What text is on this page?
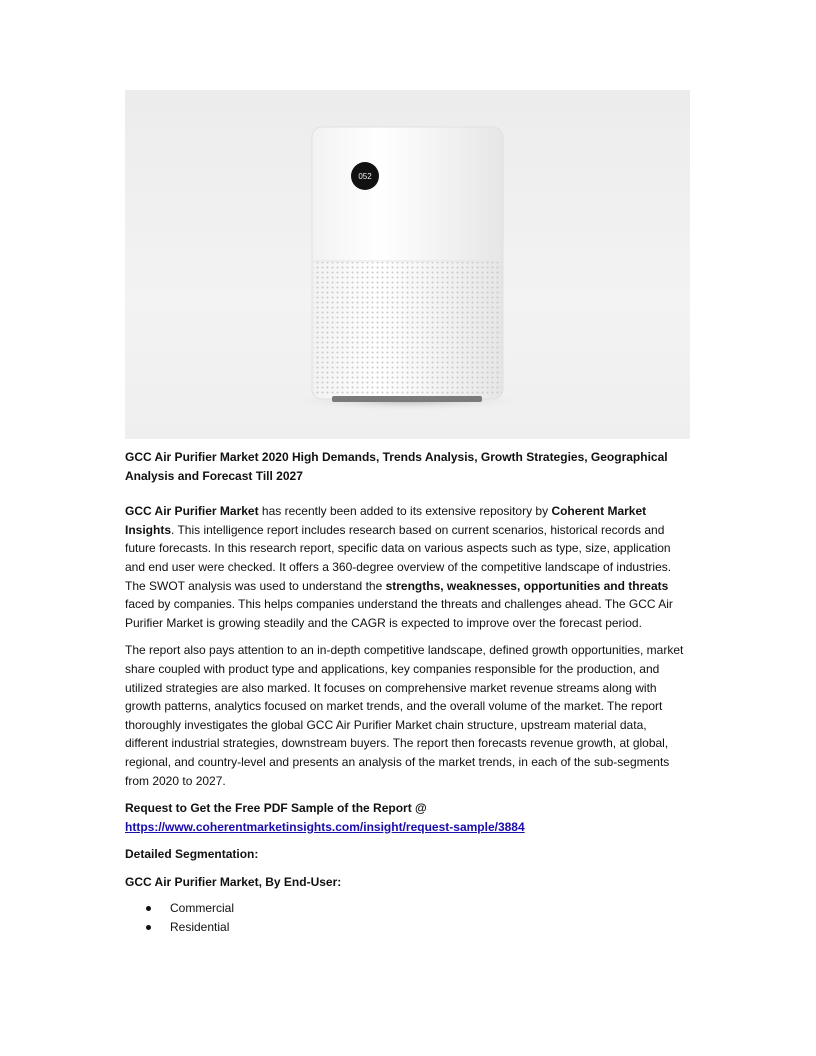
052
GCC Air Purifier Market 2020 High Demands, Trends Analysis, Growth Strategies, Geographical Analysis and Forecast Till 2027

GCC Air Purifier Market has recently been added to its extensive repository by Coherent Market Insights. This intelligence report includes research based on current scenarios, historical records and future forecasts. In this research report, specific data on various aspects such as type, size, application and end user were checked. It offers a 360-degree overview of the competitive landscape of industries. The SWOT analysis was used to understand the strengths, weaknesses, opportunities and threats faced by companies. This helps companies understand the threats and challenges ahead. The GCC Air Purifier Market is growing steadily and the CAGR is expected to improve over the forecast period.

The report also pays attention to an in-depth competitive landscape, defined growth opportunities, market share coupled with product type and applications, key companies responsible for the production, and utilized strategies are also marked. It focuses on comprehensive market revenue streams along with growth patterns, analytics focused on market trends, and the overall volume of the market. The report thoroughly investigates the global GCC Air Purifier Market chain structure, upstream material data, different industrial strategies, downstream buyers. The report then forecasts revenue growth, at global, regional, and country-level and presents an analysis of the market trends, in each of the sub-segments from 2020 to 2027.

Request to Get the Free PDF Sample of the Report @
https://www.coherentmarketinsights.com/insight/request-sample/3884

Detailed Segmentation:

GCC Air Purifier Market, By End-User:

Commercial
Residential
